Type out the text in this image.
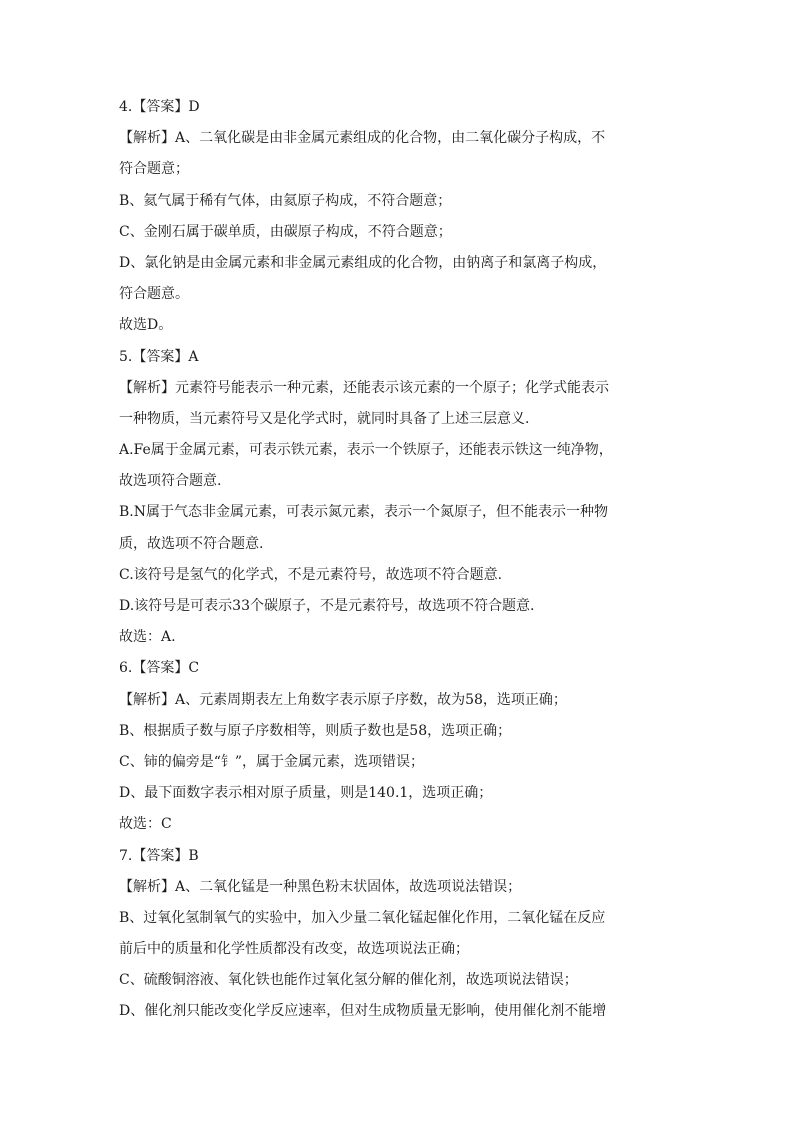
4.【答案】D
【解析】A、二氧化碳是由非金属元素组成的化合物，由二氧化碳分子构成，不
符合题意；
B、氦气属于稀有气体，由氦原子构成，不符合题意；
C、金刚石属于碳单质，由碳原子构成，不符合题意；
D、氯化钠是由金属元素和非金属元素组成的化合物，由钠离子和氯离子构成，
符合题意。
故选D。
5.【答案】A
【解析】元素符号能表示一种元素，还能表示该元素的一个原子；化学式能表示
一种物质，当元素符号又是化学式时，就同时具备了上述三层意义.
A.Fe属于金属元素，可表示铁元素，表示一个铁原子，还能表示铁这一纯净物，
故选项符合题意.
B.N属于气态非金属元素，可表示氮元素，表示一个氮原子，但不能表示一种物
质，故选项不符合题意.
C.该符号是氢气的化学式，不是元素符号，故选项不符合题意.
D.该符号是可表示33个碳原子，不是元素符号，故选项不符合题意.
故选：A.
6.【答案】C
【解析】A、元素周期表左上角数字表示原子序数，故为58，选项正确；
B、根据质子数与原子序数相等，则质子数也是58，选项正确；
C、铈的偏旁是“钅”，属于金属元素，选项错误；
D、最下面数字表示相对原子质量，则是140.1，选项正确；
故选：C
7.【答案】B
【解析】A、二氧化锰是一种黑色粉末状固体，故选项说法错误；
B、过氧化氢制氧气的实验中，加入少量二氧化锰起催化作用，二氧化锰在反应
前后中的质量和化学性质都没有改变，故选项说法正确；
C、硫酸铜溶液、氧化铁也能作过氧化氢分解的催化剂，故选项说法错误；
D、催化剂只能改变化学反应速率，但对生成物质量无影响，使用催化剂不能增
